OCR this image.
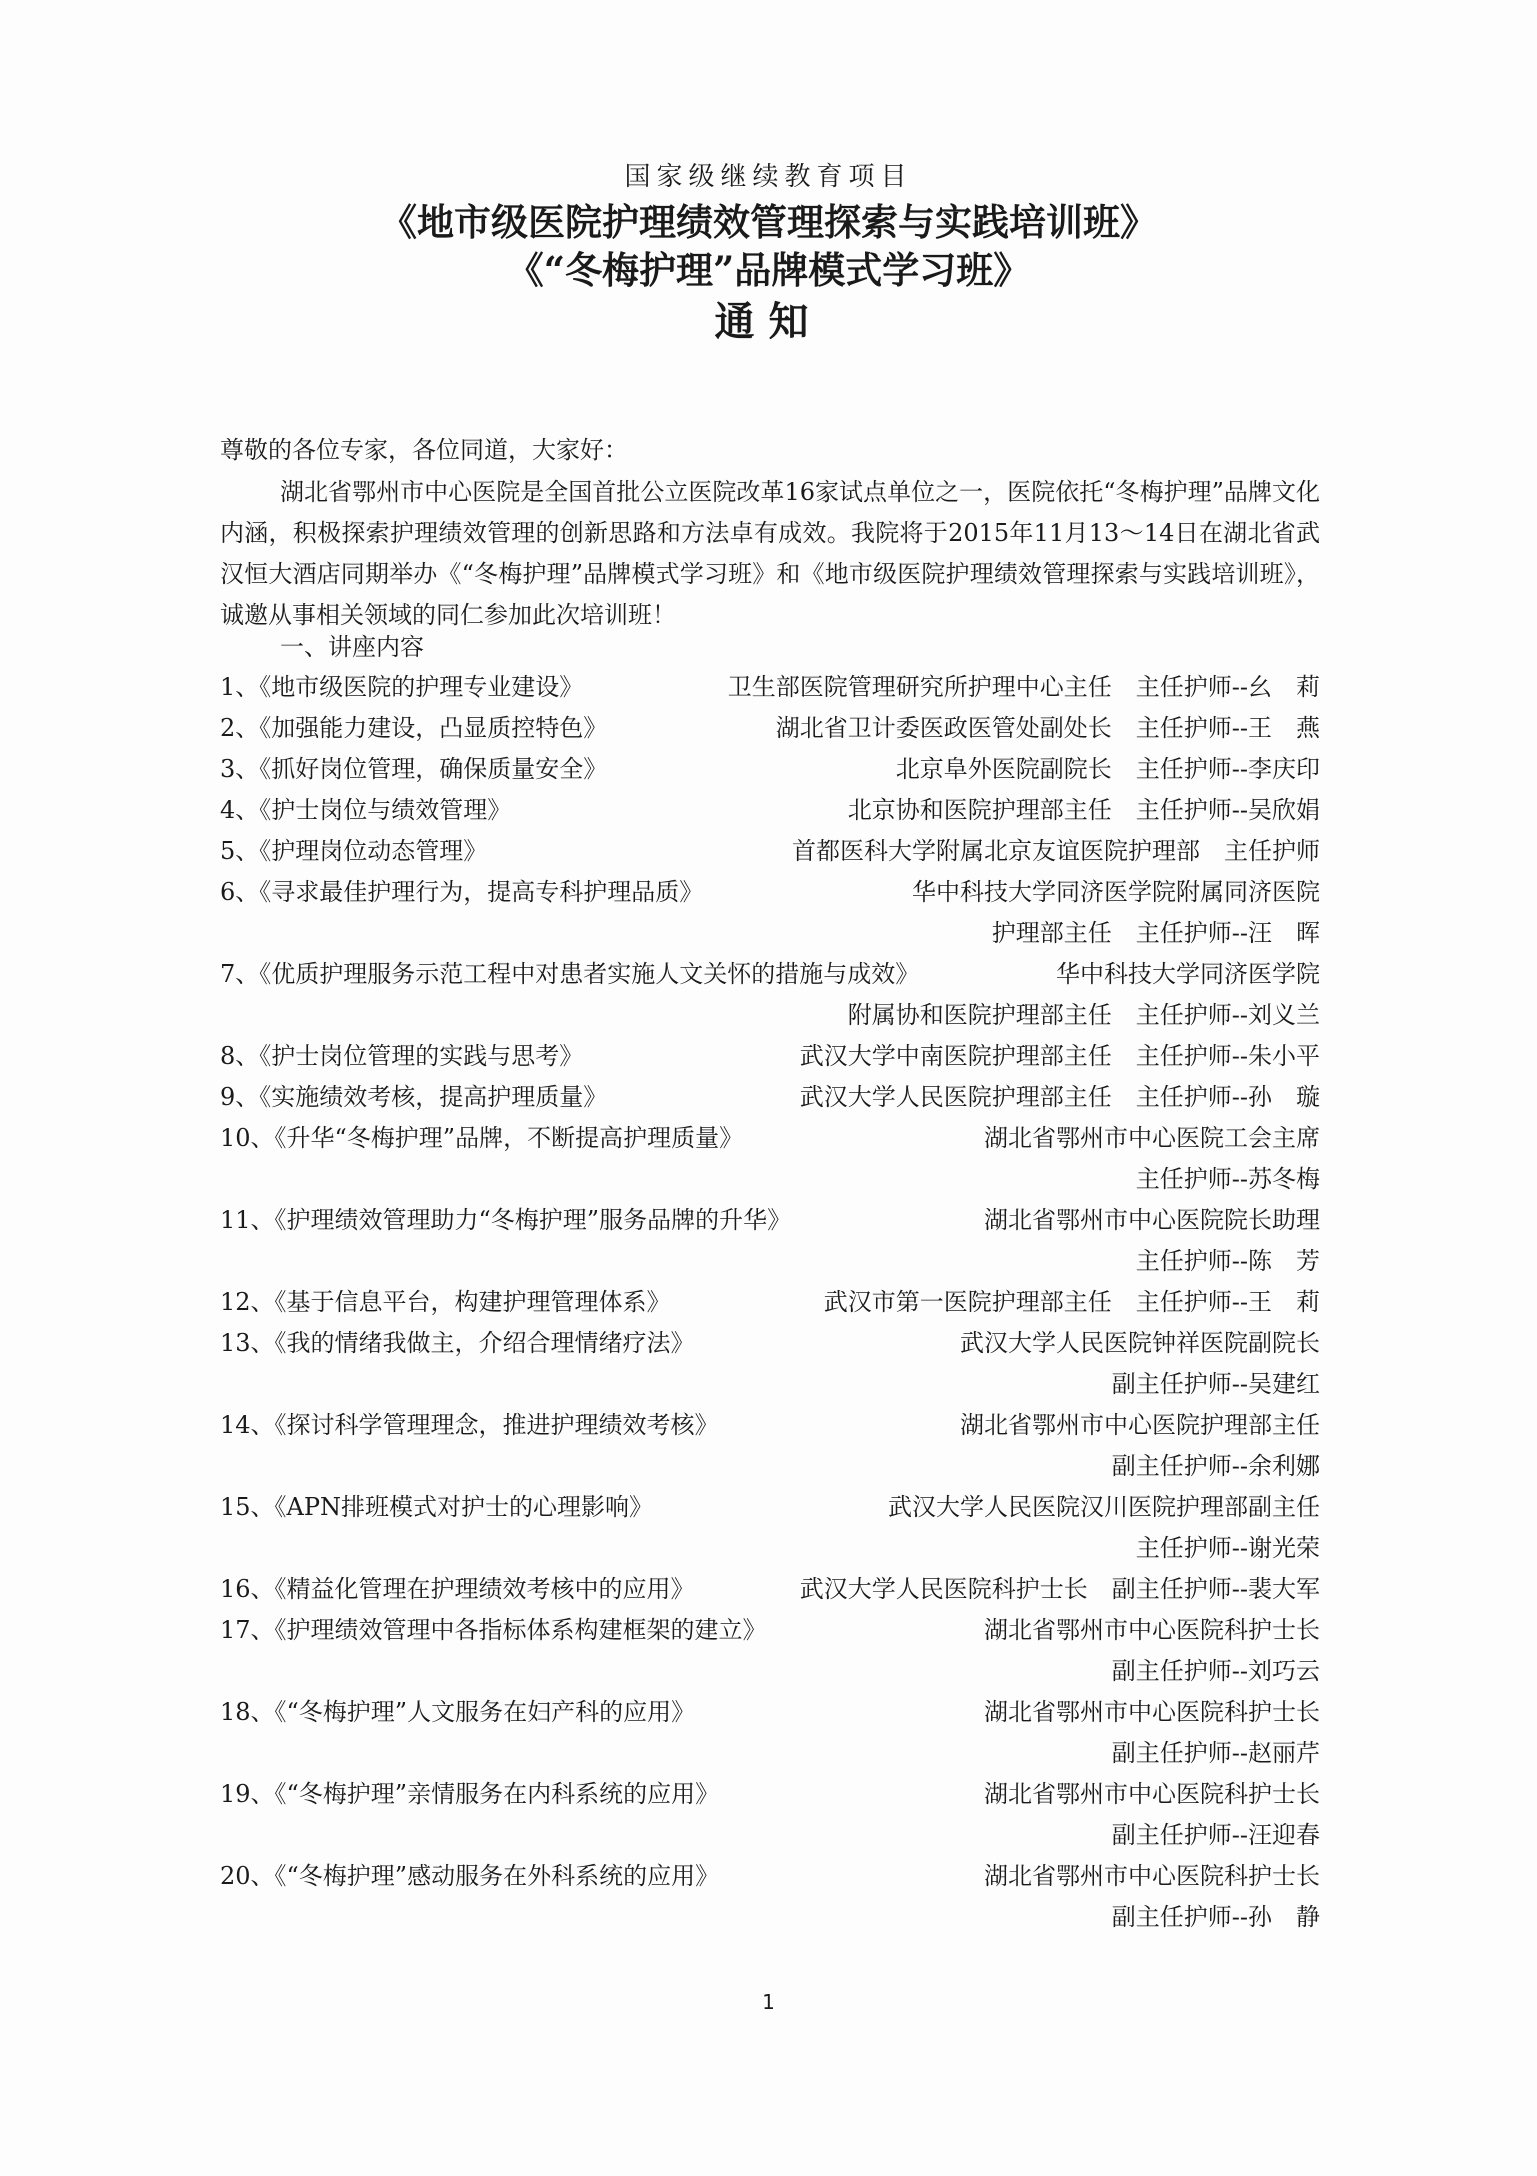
国家级继续教育项目
《地市级医院护理绩效管理探索与实践培训班》
《“冬梅护理”品牌模式学习班》
通知
尊敬的各位专家，各位同道，大家好：
湖北省鄂州市中心医院是全国首批公立医院改革16家试点单位之一，医院依托“冬梅护理”品牌文化内涵，积极探索护理绩效管理的创新思路和方法卓有成效。我院将于2015年11月13～14日在湖北省武汉恒大酒店同期举办《“冬梅护理”品牌模式学习班》和《地市级医院护理绩效管理探索与实践培训班》，诚邀从事相关领域的同仁参加此次培训班！
一、讲座内容
1、《地市级医院的护理专业建设》	卫生部医院管理研究所护理中心主任　主任护师--幺　莉
2、《加强能力建设，凸显质控特色》	湖北省卫计委医政医管处副处长　主任护师--王　燕
3、《抓好岗位管理，确保质量安全》	北京阜外医院副院长　主任护师--李庆印
4、《护士岗位与绩效管理》	北京协和医院护理部主任　主任护师--吴欣娟
5、《护理岗位动态管理》	首都医科大学附属北京友谊医院护理部　主任护师
6、《寻求最佳护理行为，提高专科护理品质》	华中科技大学同济医学院附属同济医院
护理部主任　主任护师--汪　晖
7、《优质护理服务示范工程中对患者实施人文关怀的措施与成效》	华中科技大学同济医学院
附属协和医院护理部主任　主任护师--刘义兰
8、《护士岗位管理的实践与思考》	武汉大学中南医院护理部主任　主任护师--朱小平
9、《实施绩效考核，提高护理质量》	武汉大学人民医院护理部主任　主任护师--孙　璇
10、《升华“冬梅护理”品牌，不断提高护理质量》	湖北省鄂州市中心医院工会主席
主任护师--苏冬梅
11、《护理绩效管理助力“冬梅护理”服务品牌的升华》	湖北省鄂州市中心医院院长助理
主任护师--陈　芳
12、《基于信息平台，构建护理管理体系》	武汉市第一医院护理部主任　主任护师--王　莉
13、《我的情绪我做主，介绍合理情绪疗法》	武汉大学人民医院钟祥医院副院长
副主任护师--吴建红
14、《探讨科学管理理念，推进护理绩效考核》	湖北省鄂州市中心医院护理部主任
副主任护师--余利娜
15、《APN排班模式对护士的心理影响》	武汉大学人民医院汉川医院护理部副主任
主任护师--谢光荣
16、《精益化管理在护理绩效考核中的应用》	武汉大学人民医院科护士长　副主任护师--裴大军
17、《护理绩效管理中各指标体系构建框架的建立》	湖北省鄂州市中心医院科护士长
副主任护师--刘巧云
18、《“冬梅护理”人文服务在妇产科的应用》	湖北省鄂州市中心医院科护士长
副主任护师--赵丽芹
19、《“冬梅护理”亲情服务在内科系统的应用》	湖北省鄂州市中心医院科护士长
副主任护师--汪迎春
20、《“冬梅护理”感动服务在外科系统的应用》	湖北省鄂州市中心医院科护士长
副主任护师--孙　静
1
